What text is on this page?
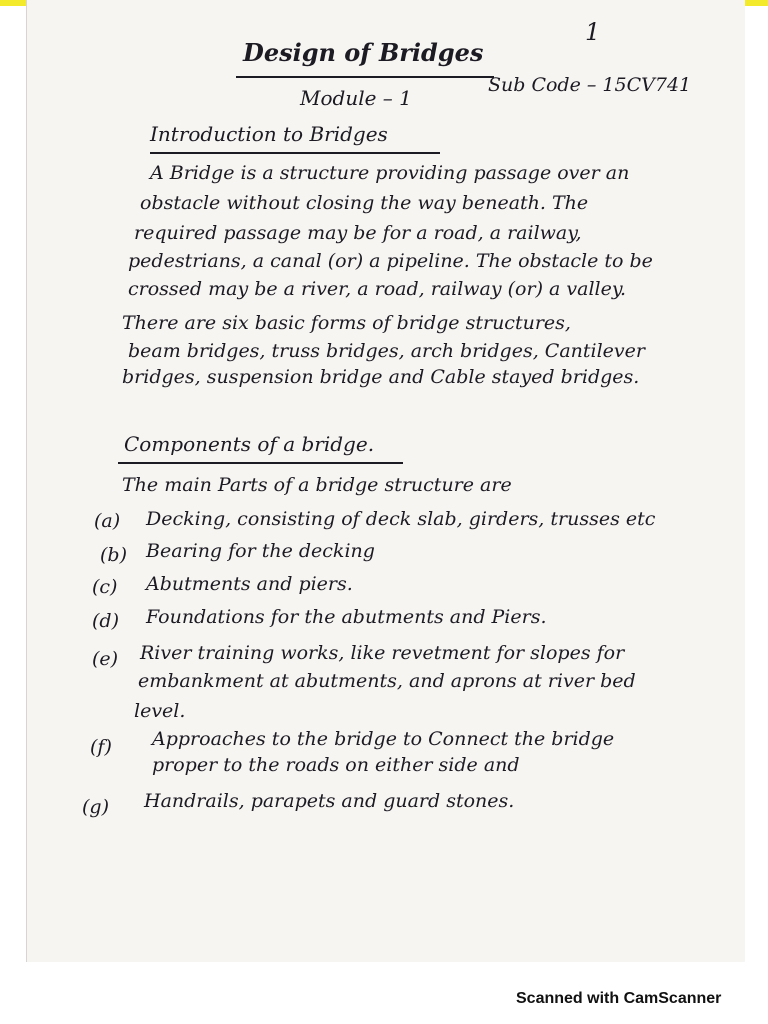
1
Design of Bridges
Module – 1
Sub Code – 15CV741
Introduction to Bridges
A Bridge is a structure providing passage over an
obstacle without closing the way beneath. The
required passage may be for a road, a railway,
pedestrians, a canal (or) a pipeline. The obstacle to be
crossed may be a river, a road, railway (or) a valley.
There are six basic forms of bridge structures,
beam bridges, truss bridges, arch bridges, Cantilever
bridges, suspension bridge and Cable stayed bridges.
Components of a bridge.
The main Parts of a bridge structure are
(a) Decking, consisting of deck slab, girders, trusses etc
(b) Bearing for the decking
(c) Abutments and piers.
(d) Foundations for the abutments and Piers.
(e) River training works, like revetment for slopes for
embankment at abutments, and aprons at river bed
level.
(f) Approaches to the bridge to Connect the bridge
proper to the roads on either side and
(g) Handrails, parapets and guard stones.
Scanned with CamScanner
